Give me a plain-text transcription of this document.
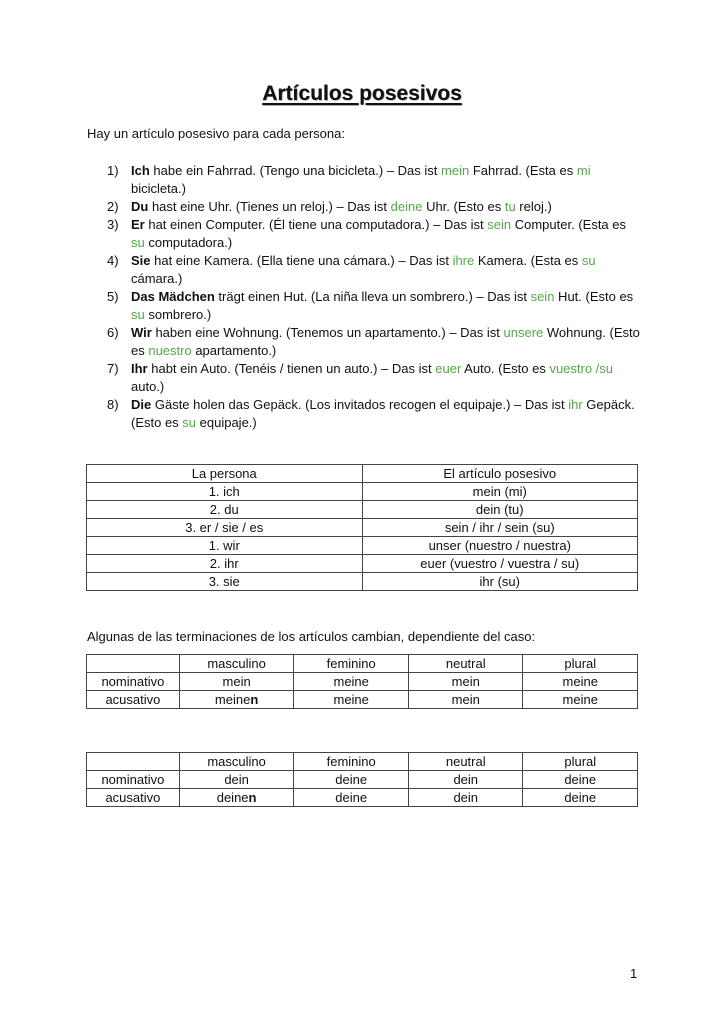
Artículos posesivos
Hay un artículo posesivo para cada persona:
1) Ich habe ein Fahrrad. (Tengo una bicicleta.) – Das ist mein Fahrrad. (Esta es mi bicicleta.)
2) Du hast eine Uhr. (Tienes un reloj.) – Das ist deine Uhr. (Esto es tu reloj.)
3) Er hat einen Computer. (Él tiene una computadora.) – Das ist sein Computer. (Esta es su computadora.)
4) Sie hat eine Kamera. (Ella tiene una cámara.) – Das ist ihre Kamera. (Esta es su cámara.)
5) Das Mädchen trägt einen Hut. (La niña lleva un sombrero.) – Das ist sein Hut. (Esto es su sombrero.)
6) Wir haben eine Wohnung. (Tenemos un apartamento.) – Das ist unsere Wohnung. (Esto es nuestro apartamento.)
7) Ihr habt ein Auto. (Tenéis / tienen un auto.) – Das ist euer Auto. (Esto es vuestro /su auto.)
8) Die Gäste holen das Gepäck. (Los invitados recogen el equipaje.) – Das ist ihr Gepäck. (Esto es su equipaje.)
La persona	El artículo posesivo
1. ich	mein (mi)
2. du	dein (tu)
3. er / sie / es	sein / ihr / sein (su)
1. wir	unser (nuestro / nuestra)
2. ihr	euer (vuestro / vuestra / su)
3. sie	ihr (su)
Algunas de las terminaciones de los artículos cambian, dependiente del caso:
	masculino	feminino	neutral	plural
nominativo	mein	meine	mein	meine
acusativo	meinen	meine	mein	meine
	masculino	feminino	neutral	plural
nominativo	dein	deine	dein	deine
acusativo	deinen	deine	dein	deine
1
